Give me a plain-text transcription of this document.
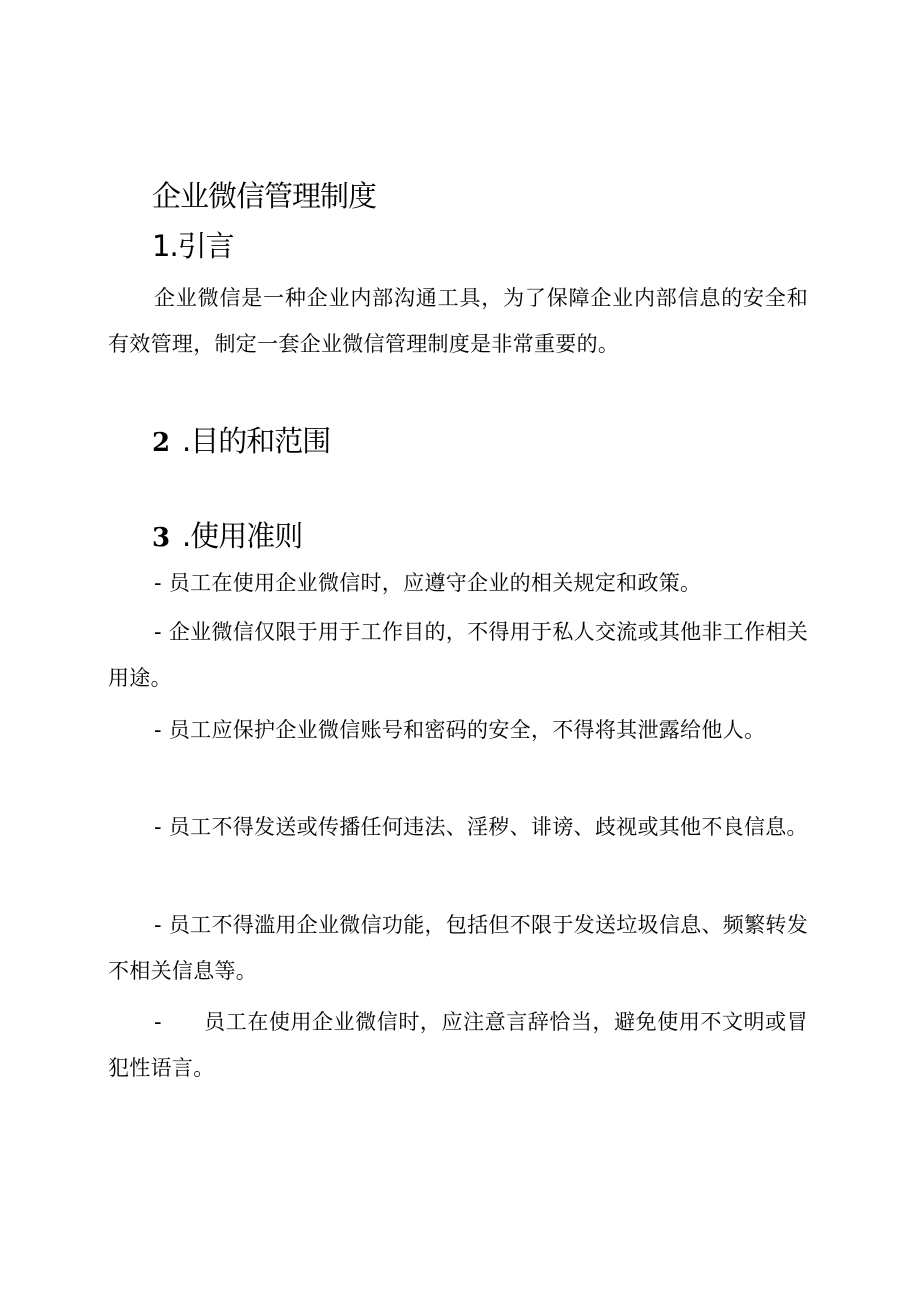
企业微信管理制度
1.引言

企业微信是一种企业内部沟通工具，为了保障企业内部信息的安全和有效管理，制定一套企业微信管理制度是非常重要的。

2 .目的和范围
3 .使用准则

- 员工在使用企业微信时，应遵守企业的相关规定和政策。

- 企业微信仅限于用于工作目的，不得用于私人交流或其他非工作相关用途。

- 员工应保护企业微信账号和密码的安全，不得将其泄露给他人。

- 员工不得发送或传播任何违法、淫秽、诽谤、歧视或其他不良信息。

- 员工不得滥用企业微信功能，包括但不限于发送垃圾信息、频繁转发不相关信息等。

- 员工在使用企业微信时，应注意言辞恰当，避免使用不文明或冒犯性语言。
